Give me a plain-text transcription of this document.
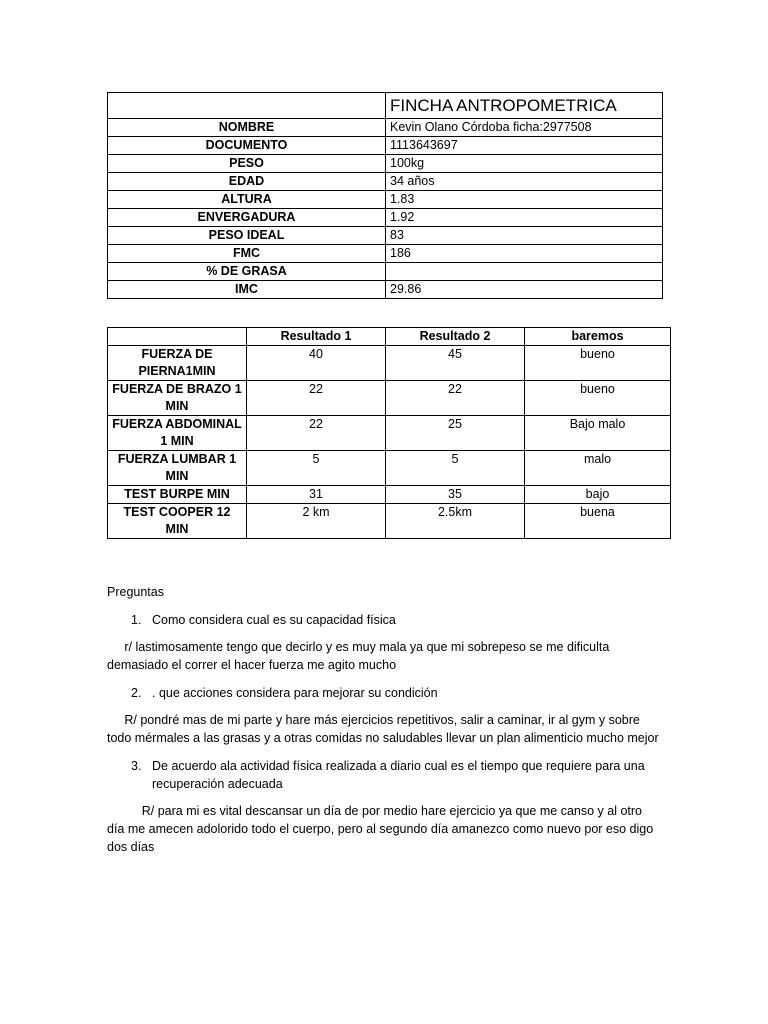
	FINCHA ANTROPOMETRICA
NOMBRE	Kevin Olano Córdoba ficha:2977508
DOCUMENTO	1113643697
PESO	100kg
EDAD	34 años
ALTURA	1.83
ENVERGADURA	1.92
PESO IDEAL	83
FMC	186
% DE GRASA	
IMC	29.86
	Resultado 1	Resultado 2	baremos
FUERZA DE PIERNA1MIN	40	45	bueno
FUERZA DE BRAZO 1 MIN	22	22	bueno
FUERZA ABDOMINAL 1 MIN	22	25	Bajo malo
FUERZA LUMBAR 1 MIN	5	5	malo
TEST BURPE MIN	31	35	bajo
TEST COOPER 12 MIN	2 km	2.5km	buena

Preguntas

1. Como considera cual es su capacidad física

r/ lastimosamente tengo que decirlo y es muy mala ya que mi sobrepeso se me dificulta demasiado el correr el hacer fuerza me agito mucho

2. . que acciones considera para mejorar su condición

R/ pondré mas de mi parte y hare más ejercicios repetitivos, salir a caminar, ir al gym y sobre todo mérmales a las grasas y a otras comidas no saludables llevar un plan alimenticio mucho mejor

3. De acuerdo ala actividad física realizada a diario cual es el tiempo que requiere para una recuperación adecuada

R/ para mi es vital descansar un día de por medio hare ejercicio ya que me canso y al otro día me amecen adolorido todo el cuerpo, pero al segundo día amanezco como nuevo por eso digo dos días
